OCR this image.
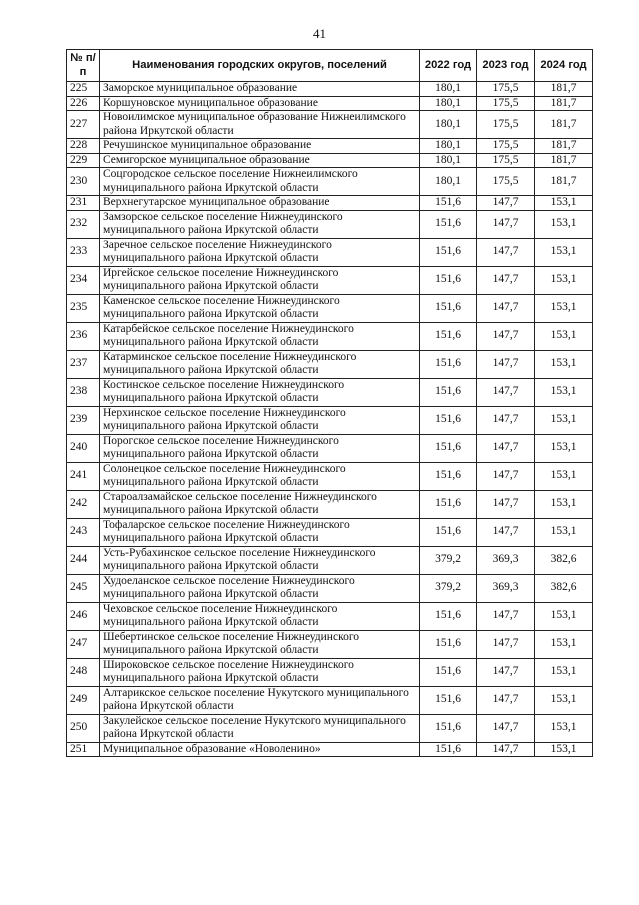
41
№ п/п	Наименования городских округов, поселений	2022 год	2023 год	2024 год
225	Заморское муниципальное образование	180,1	175,5	181,7
226	Коршуновское муниципальное образование	180,1	175,5	181,7
227	Новоилимское муниципальное образование Нижнеилимского района Иркутской области	180,1	175,5	181,7
228	Речушинское муниципальное образование	180,1	175,5	181,7
229	Семигорское муниципальное образование	180,1	175,5	181,7
230	Соцгородское сельское поселение Нижнеилимского муниципального района Иркутской области	180,1	175,5	181,7
231	Верхнегутарское муниципальное образование	151,6	147,7	153,1
232	Замзорское сельское поселение Нижнеудинского муниципального района Иркутской области	151,6	147,7	153,1
233	Заречное сельское поселение Нижнеудинского муниципального района Иркутской области	151,6	147,7	153,1
234	Иргейское сельское поселение Нижнеудинского муниципального района Иркутской области	151,6	147,7	153,1
235	Каменское сельское поселение Нижнеудинского муниципального района Иркутской области	151,6	147,7	153,1
236	Катарбейское сельское поселение Нижнеудинского муниципального района Иркутской области	151,6	147,7	153,1
237	Катарминское сельское поселение Нижнеудинского муниципального района Иркутской области	151,6	147,7	153,1
238	Костинское сельское поселение Нижнеудинского муниципального района Иркутской области	151,6	147,7	153,1
239	Нерхинское сельское поселение Нижнеудинского муниципального района Иркутской области	151,6	147,7	153,1
240	Порогское сельское поселение Нижнеудинского муниципального района Иркутской области	151,6	147,7	153,1
241	Солонецкое сельское поселение Нижнеудинского муниципального района Иркутской области	151,6	147,7	153,1
242	Староалзамайское сельское поселение Нижнеудинского муниципального района Иркутской области	151,6	147,7	153,1
243	Тофаларское сельское поселение Нижнеудинского муниципального района Иркутской области	151,6	147,7	153,1
244	Усть-Рубахинское сельское поселение Нижнеудинского муниципального района Иркутской области	379,2	369,3	382,6
245	Худоеланское сельское поселение Нижнеудинского муниципального района Иркутской области	379,2	369,3	382,6
246	Чеховское сельское поселение Нижнеудинского муниципального района Иркутской области	151,6	147,7	153,1
247	Шебертинское сельское поселение Нижнеудинского муниципального района Иркутской области	151,6	147,7	153,1
248	Широковское сельское поселение Нижнеудинского муниципального района Иркутской области	151,6	147,7	153,1
249	Алтарикское сельское поселение Нукутского муниципального района Иркутской области	151,6	147,7	153,1
250	Закулейское сельское поселение Нукутского муниципального района Иркутской области	151,6	147,7	153,1
251	Муниципальное образование «Новоленино»	151,6	147,7	153,1
